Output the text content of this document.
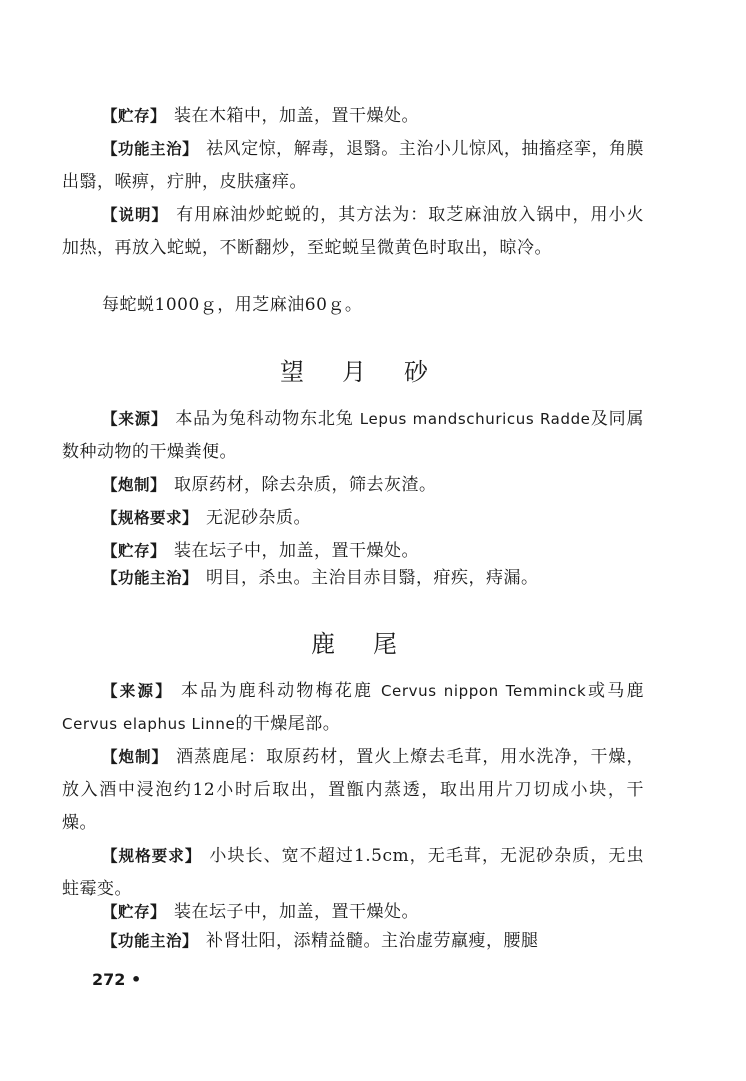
【贮存】 装在木箱中，加盖，置干燥处。

【功能主治】 祛风定惊，解毒，退翳。主治小儿惊风，抽搐痉挛，角膜出翳，喉痹，疔肿，皮肤瘙痒。

【说明】 有用麻油炒蛇蜕的，其方法为：取芝麻油放入锅中，用小火加热，再放入蛇蜕，不断翻炒，至蛇蜕呈微黄色时取出，晾冷。

每蛇蜕1000ｇ，用芝麻油60ｇ。

望月砂

【来源】 本品为兔科动物东北兔 Lepus mandschuricus Radde及同属数种动物的干燥粪便。

【炮制】 取原药材，除去杂质，筛去灰渣。

【规格要求】 无泥砂杂质。

【贮存】 装在坛子中，加盖，置干燥处。

【功能主治】 明目，杀虫。主治目赤目翳，疳疾，痔漏。

鹿尾

【来源】 本品为鹿科动物梅花鹿 Cervus nippon Temminck或马鹿 Cervus elaphus Linne的干燥尾部。

【炮制】 酒蒸鹿尾：取原药材，置火上燎去毛茸，用水洗净，干燥，放入酒中浸泡约12小时后取出，置甑内蒸透，取出用片刀切成小块，干燥。

【规格要求】 小块长、宽不超过1.5cm，无毛茸，无泥砂杂质，无虫蛀霉变。

【贮存】 装在坛子中，加盖，置干燥处。

【功能主治】 补肾壮阳，添精益髓。主治虚劳羸瘦，腰腿

272 •
